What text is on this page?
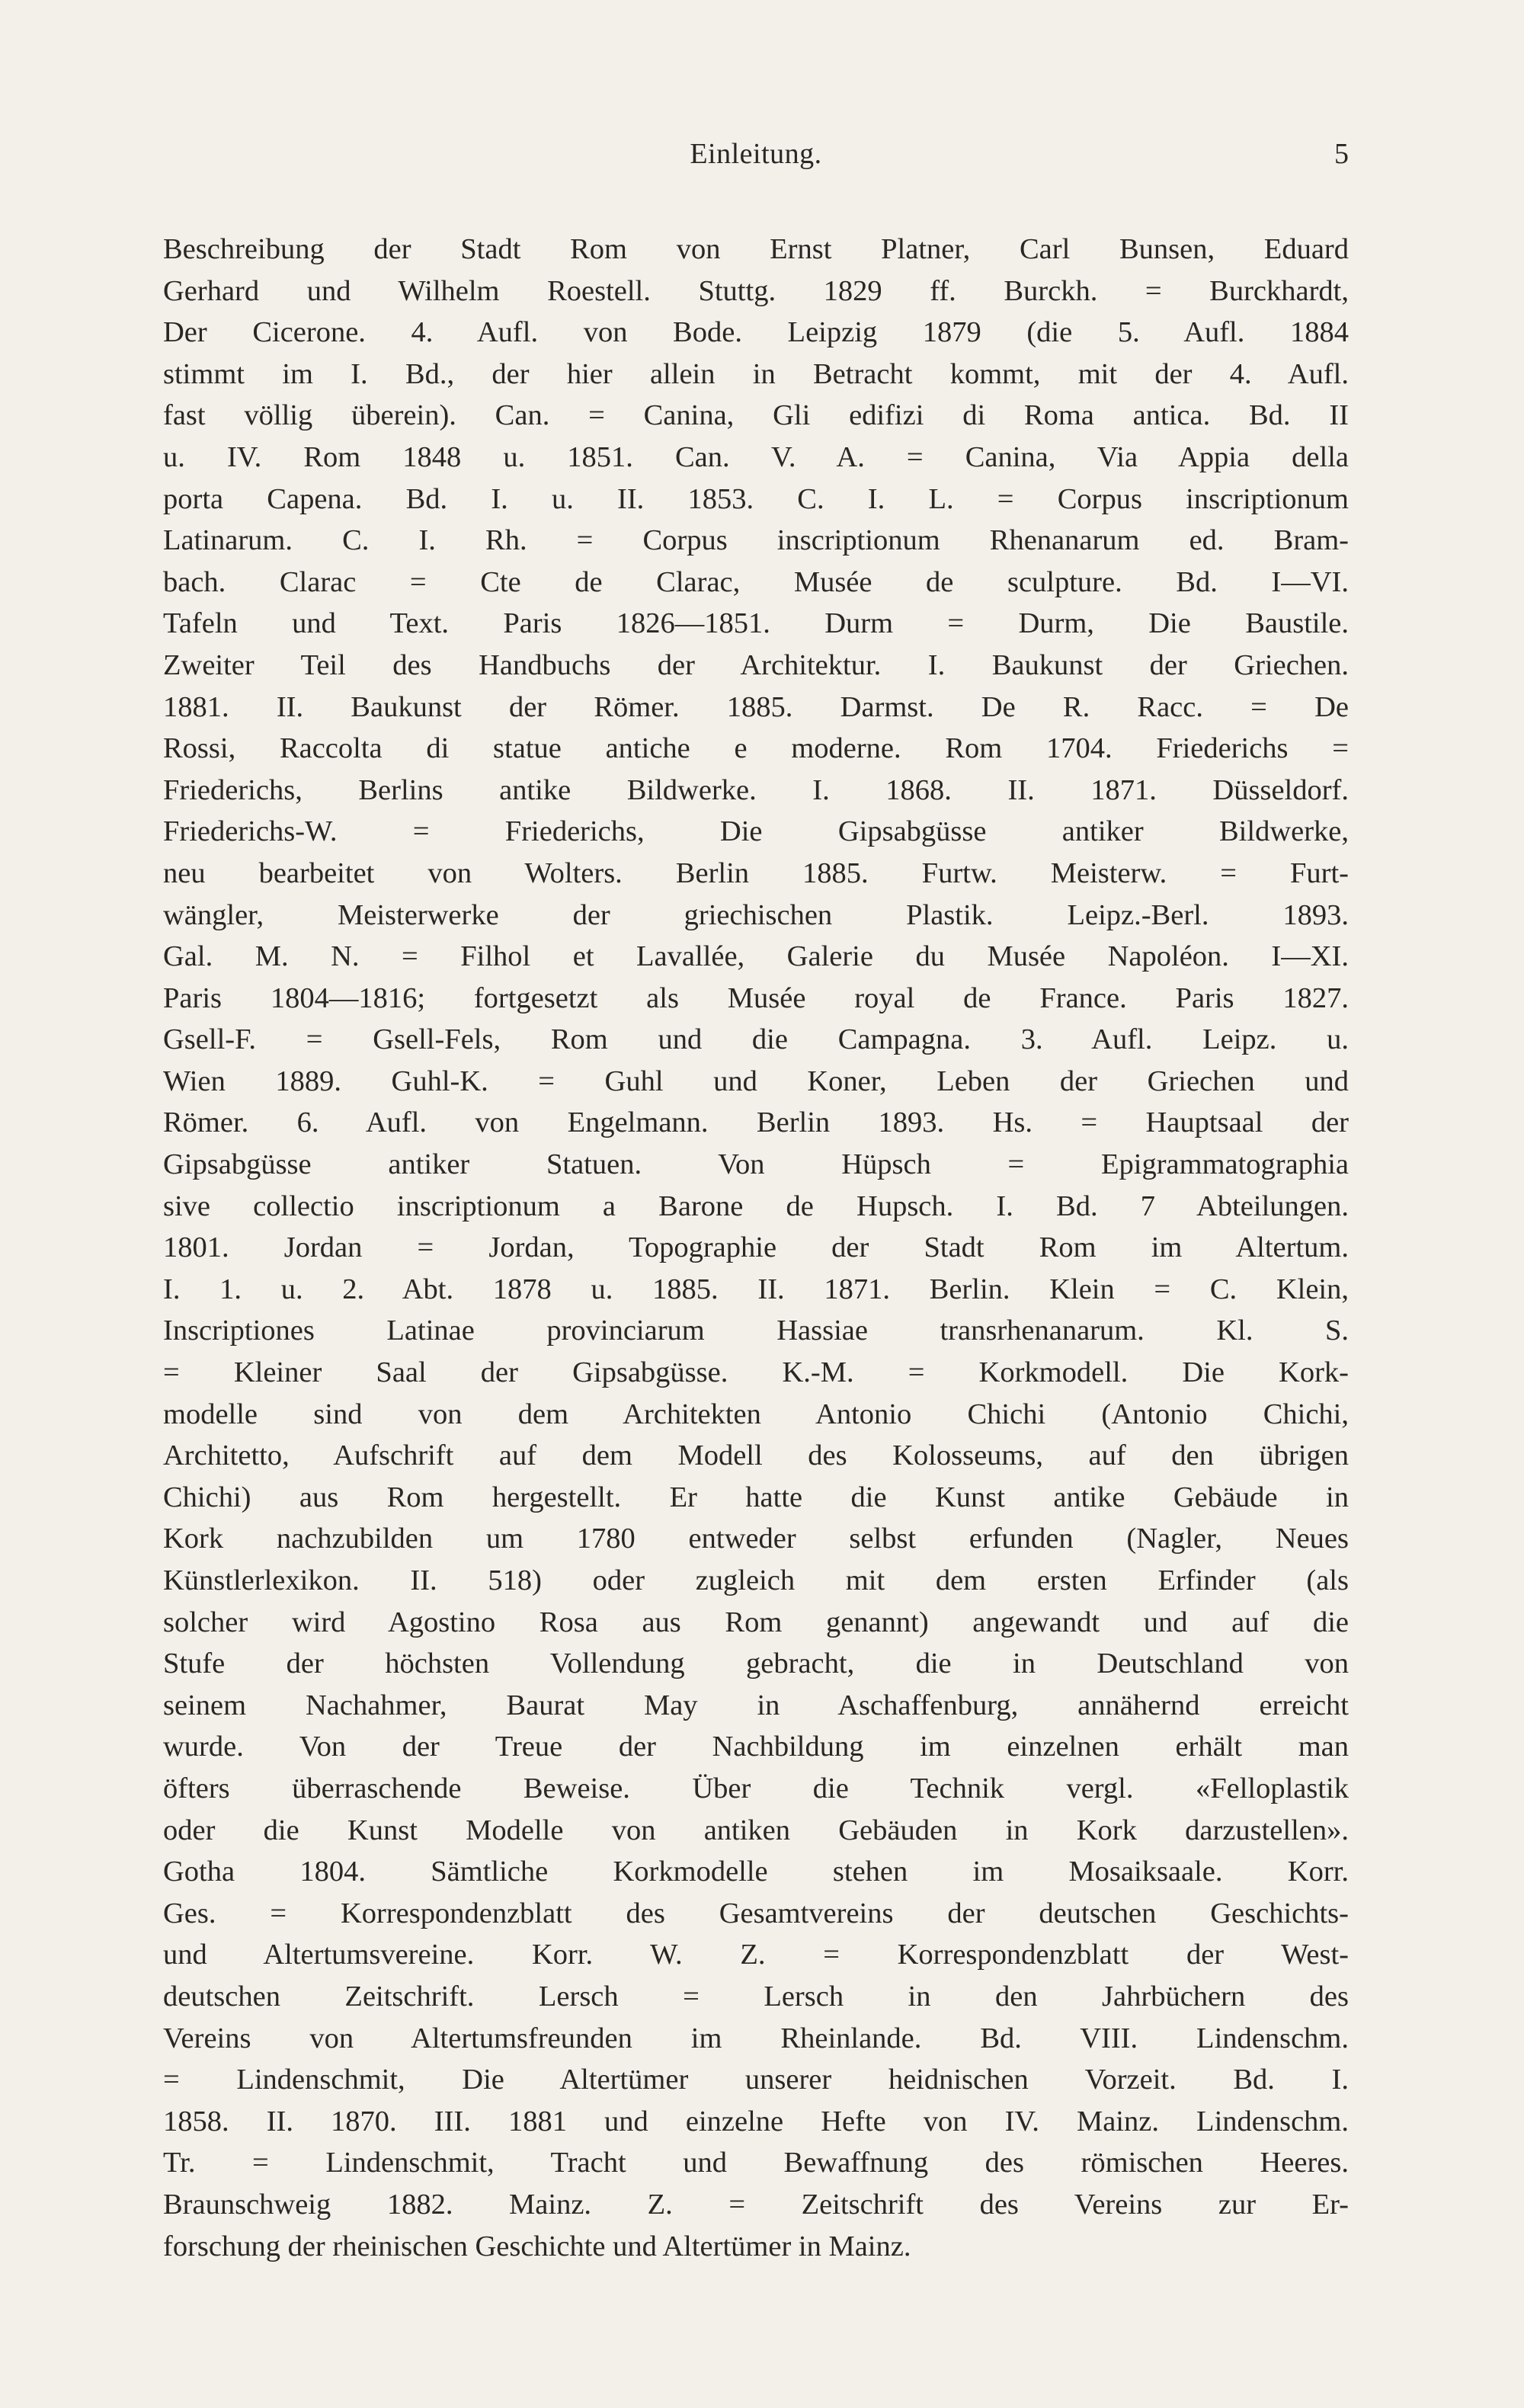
Einleitung.	5
Beschreibung der Stadt Rom von Ernst Platner, Carl Bunsen, Eduard
Gerhard und Wilhelm Roestell. Stuttg. 1829 ff. Burckh. = Burckhardt,
Der Cicerone. 4. Aufl. von Bode. Leipzig 1879 (die 5. Aufl. 1884
stimmt im I. Bd., der hier allein in Betracht kommt, mit der 4. Aufl.
fast völlig überein). Can. = Canina, Gli edifizi di Roma antica. Bd. II
u. IV. Rom 1848 u. 1851. Can. V. A. = Canina, Via Appia della
porta Capena. Bd. I. u. II. 1853. C. I. L. = Corpus inscriptionum
Latinarum. C. I. Rh. = Corpus inscriptionum Rhenanarum ed. Bram-
bach. Clarac = Cte de Clarac, Musée de sculpture. Bd. I—VI.
Tafeln und Text. Paris 1826—1851. Durm = Durm, Die Baustile.
Zweiter Teil des Handbuchs der Architektur. I. Baukunst der Griechen.
1881. II. Baukunst der Römer. 1885. Darmst. De R. Racc. = De
Rossi, Raccolta di statue antiche e moderne. Rom 1704. Friederichs =
Friederichs, Berlins antike Bildwerke. I. 1868. II. 1871. Düsseldorf.
Friederichs-W. = Friederichs, Die Gipsabgüsse antiker Bildwerke,
neu bearbeitet von Wolters. Berlin 1885. Furtw. Meisterw. = Furt-
wängler, Meisterwerke der griechischen Plastik. Leipz.-Berl. 1893.
Gal. M. N. = Filhol et Lavallée, Galerie du Musée Napoléon. I—XI.
Paris 1804—1816; fortgesetzt als Musée royal de France. Paris 1827.
Gsell-F. = Gsell-Fels, Rom und die Campagna. 3. Aufl. Leipz. u.
Wien 1889. Guhl-K. = Guhl und Koner, Leben der Griechen und
Römer. 6. Aufl. von Engelmann. Berlin 1893. Hs. = Hauptsaal der
Gipsabgüsse antiker Statuen. Von Hüpsch = Epigrammatographia
sive collectio inscriptionum a Barone de Hupsch. I. Bd. 7 Abteilungen.
1801. Jordan = Jordan, Topographie der Stadt Rom im Altertum.
I. 1. u. 2. Abt. 1878 u. 1885. II. 1871. Berlin. Klein = C. Klein,
Inscriptiones Latinae provinciarum Hassiae transrhenanarum. Kl. S.
= Kleiner Saal der Gipsabgüsse. K.-M. = Korkmodell. Die Kork-
modelle sind von dem Architekten Antonio Chichi (Antonio Chichi,
Architetto, Aufschrift auf dem Modell des Kolosseums, auf den übrigen
Chichi) aus Rom hergestellt. Er hatte die Kunst antike Gebäude in
Kork nachzubilden um 1780 entweder selbst erfunden (Nagler, Neues
Künstlerlexikon. II. 518) oder zugleich mit dem ersten Erfinder (als
solcher wird Agostino Rosa aus Rom genannt) angewandt und auf die
Stufe der höchsten Vollendung gebracht, die in Deutschland von
seinem Nachahmer, Baurat May in Aschaffenburg, annähernd erreicht
wurde. Von der Treue der Nachbildung im einzelnen erhält man
öfters überraschende Beweise. Über die Technik vergl. «Felloplastik
oder die Kunst Modelle von antiken Gebäuden in Kork darzustellen».
Gotha 1804. Sämtliche Korkmodelle stehen im Mosaiksaale. Korr.
Ges. = Korrespondenzblatt des Gesamtvereins der deutschen Geschichts-
und Altertumsvereine. Korr. W. Z. = Korrespondenzblatt der West-
deutschen Zeitschrift. Lersch = Lersch in den Jahrbüchern des
Vereins von Altertumsfreunden im Rheinlande. Bd. VIII. Lindenschm.
= Lindenschmit, Die Altertümer unserer heidnischen Vorzeit. Bd. I.
1858. II. 1870. III. 1881 und einzelne Hefte von IV. Mainz. Lindenschm.
Tr. = Lindenschmit, Tracht und Bewaffnung des römischen Heeres.
Braunschweig 1882. Mainz. Z. = Zeitschrift des Vereins zur Er-
forschung der rheinischen Geschichte und Altertümer in Mainz.
